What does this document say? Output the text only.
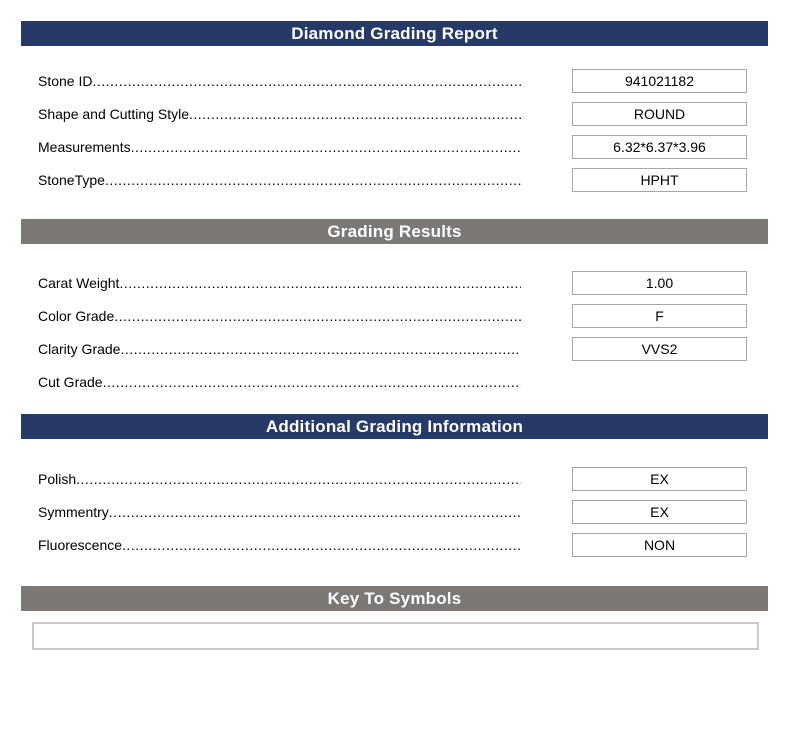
Diamond Grading Report
Stone ID .....	941021182
Shape and Cutting Style .....	ROUND
Measurements .....	6.32*6.37*3.96
StoneType .....	HPHT
Grading Results
Carat Weight .....	1.00
Color Grade .....	F
Clarity Grade .....	VVS2
Cut Grade .....
Additional Grading Information
Polish .....	EX
Symmentry .....	EX
Fluorescence .....	NON
Key To Symbols
